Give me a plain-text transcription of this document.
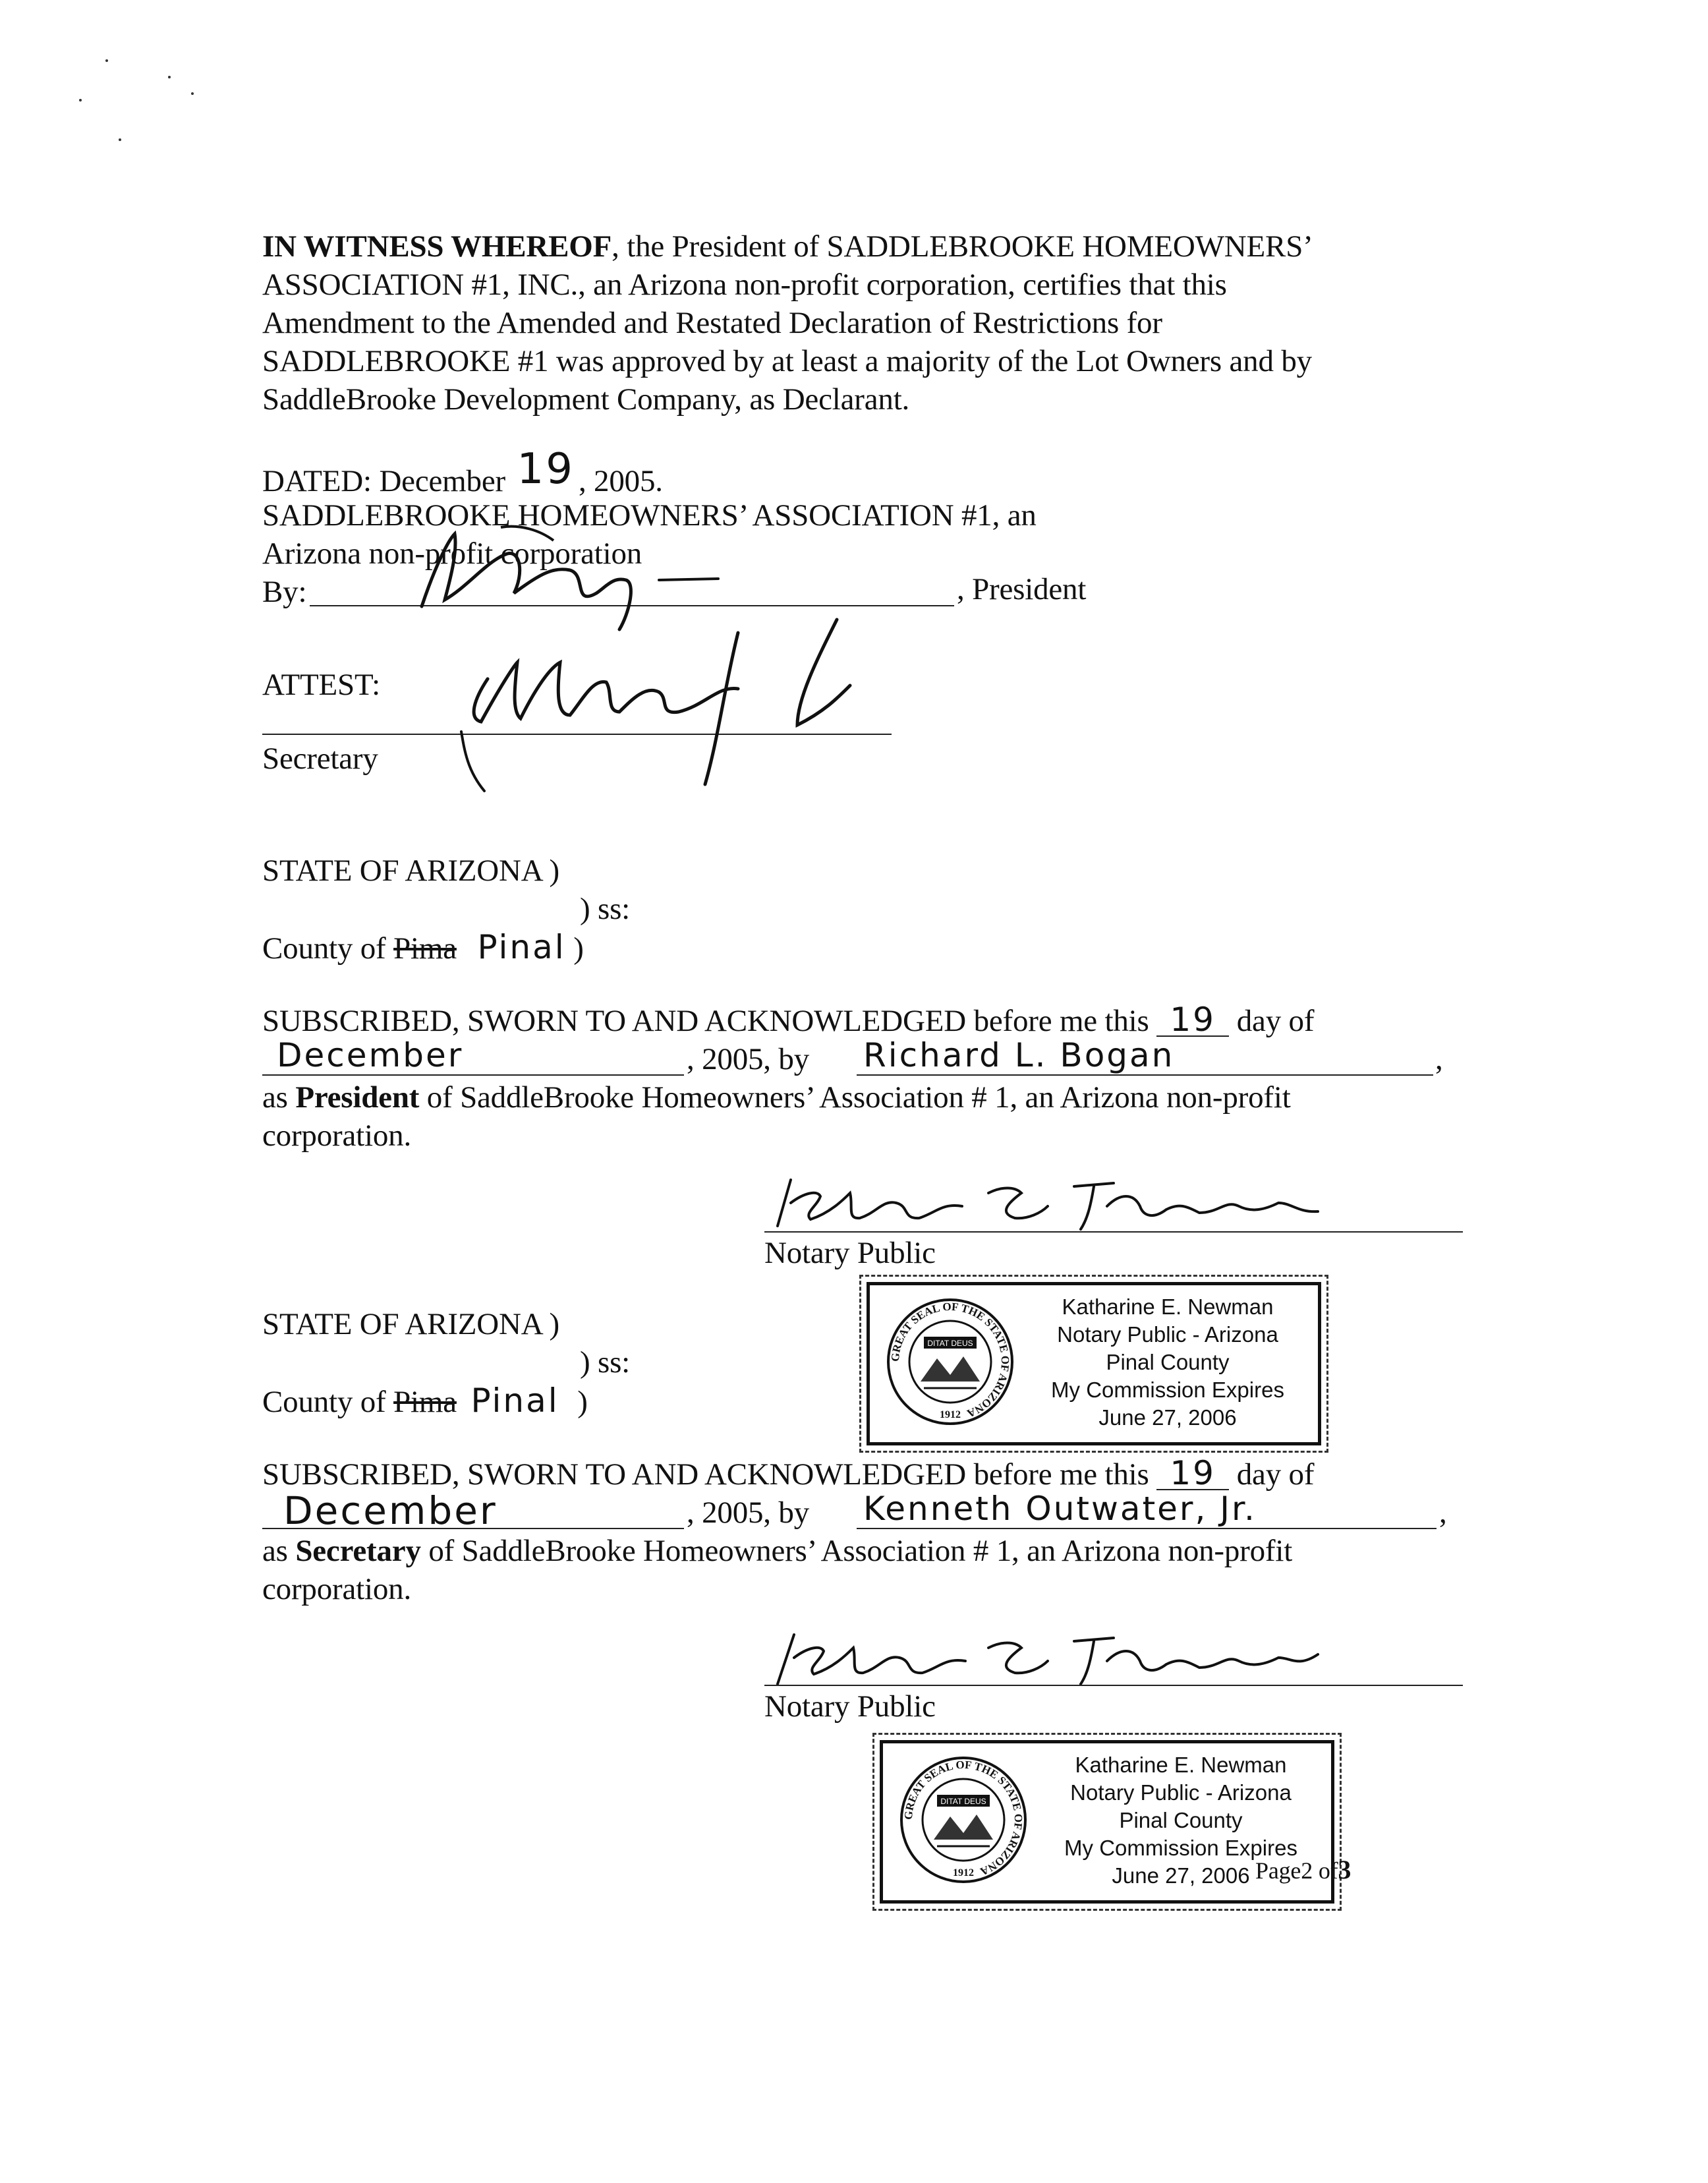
IN WITNESS WHEREOF, the President of SADDLEBROOKE HOMEOWNERS’
ASSOCIATION #1, INC., an Arizona non-profit corporation, certifies that this
Amendment to the Amended and Restated Declaration of Restrictions for
SADDLEBROOKE #1 was approved by at least a majority of the Lot Owners and by
SaddleBrooke Development Company, as Declarant.
DATED: December 19 , 2005.
SADDLEBROOKE HOMEOWNERS’ ASSOCIATION #1, an
Arizona non-profit corporation
By:	, President
ATTEST:
Secretary
STATE OF ARIZONA )
) ss:
County of Pima Pinal )
SUBSCRIBED, SWORN TO AND ACKNOWLEDGED before me this 19 day of
December	, 2005, by Richard L. Bogan	,
as President of SaddleBrooke Homeowners’ Association # 1, an Arizona non-profit
corporation.
Notary Public
GREAT SEAL OF THE STATE OF ARIZONA
DITAT DEUS
1912
Katharine E. Newman
Notary Public - Arizona
Pinal County
My Commission Expires
June 27, 2006
STATE OF ARIZONA )
) ss:
County of Pima Pinal )
SUBSCRIBED, SWORN TO AND ACKNOWLEDGED before me this 19 day of
December	, 2005, by Kenneth Outwater, Jr.	,
as Secretary of SaddleBrooke Homeowners’ Association # 1, an Arizona non-profit
corporation.
Notary Public
GREAT SEAL OF THE STATE OF ARIZONA
DITAT DEUS
1912
Katharine E. Newman
Notary Public - Arizona
Pinal County
My Commission Expires
June 27, 2006 Page2 of3
